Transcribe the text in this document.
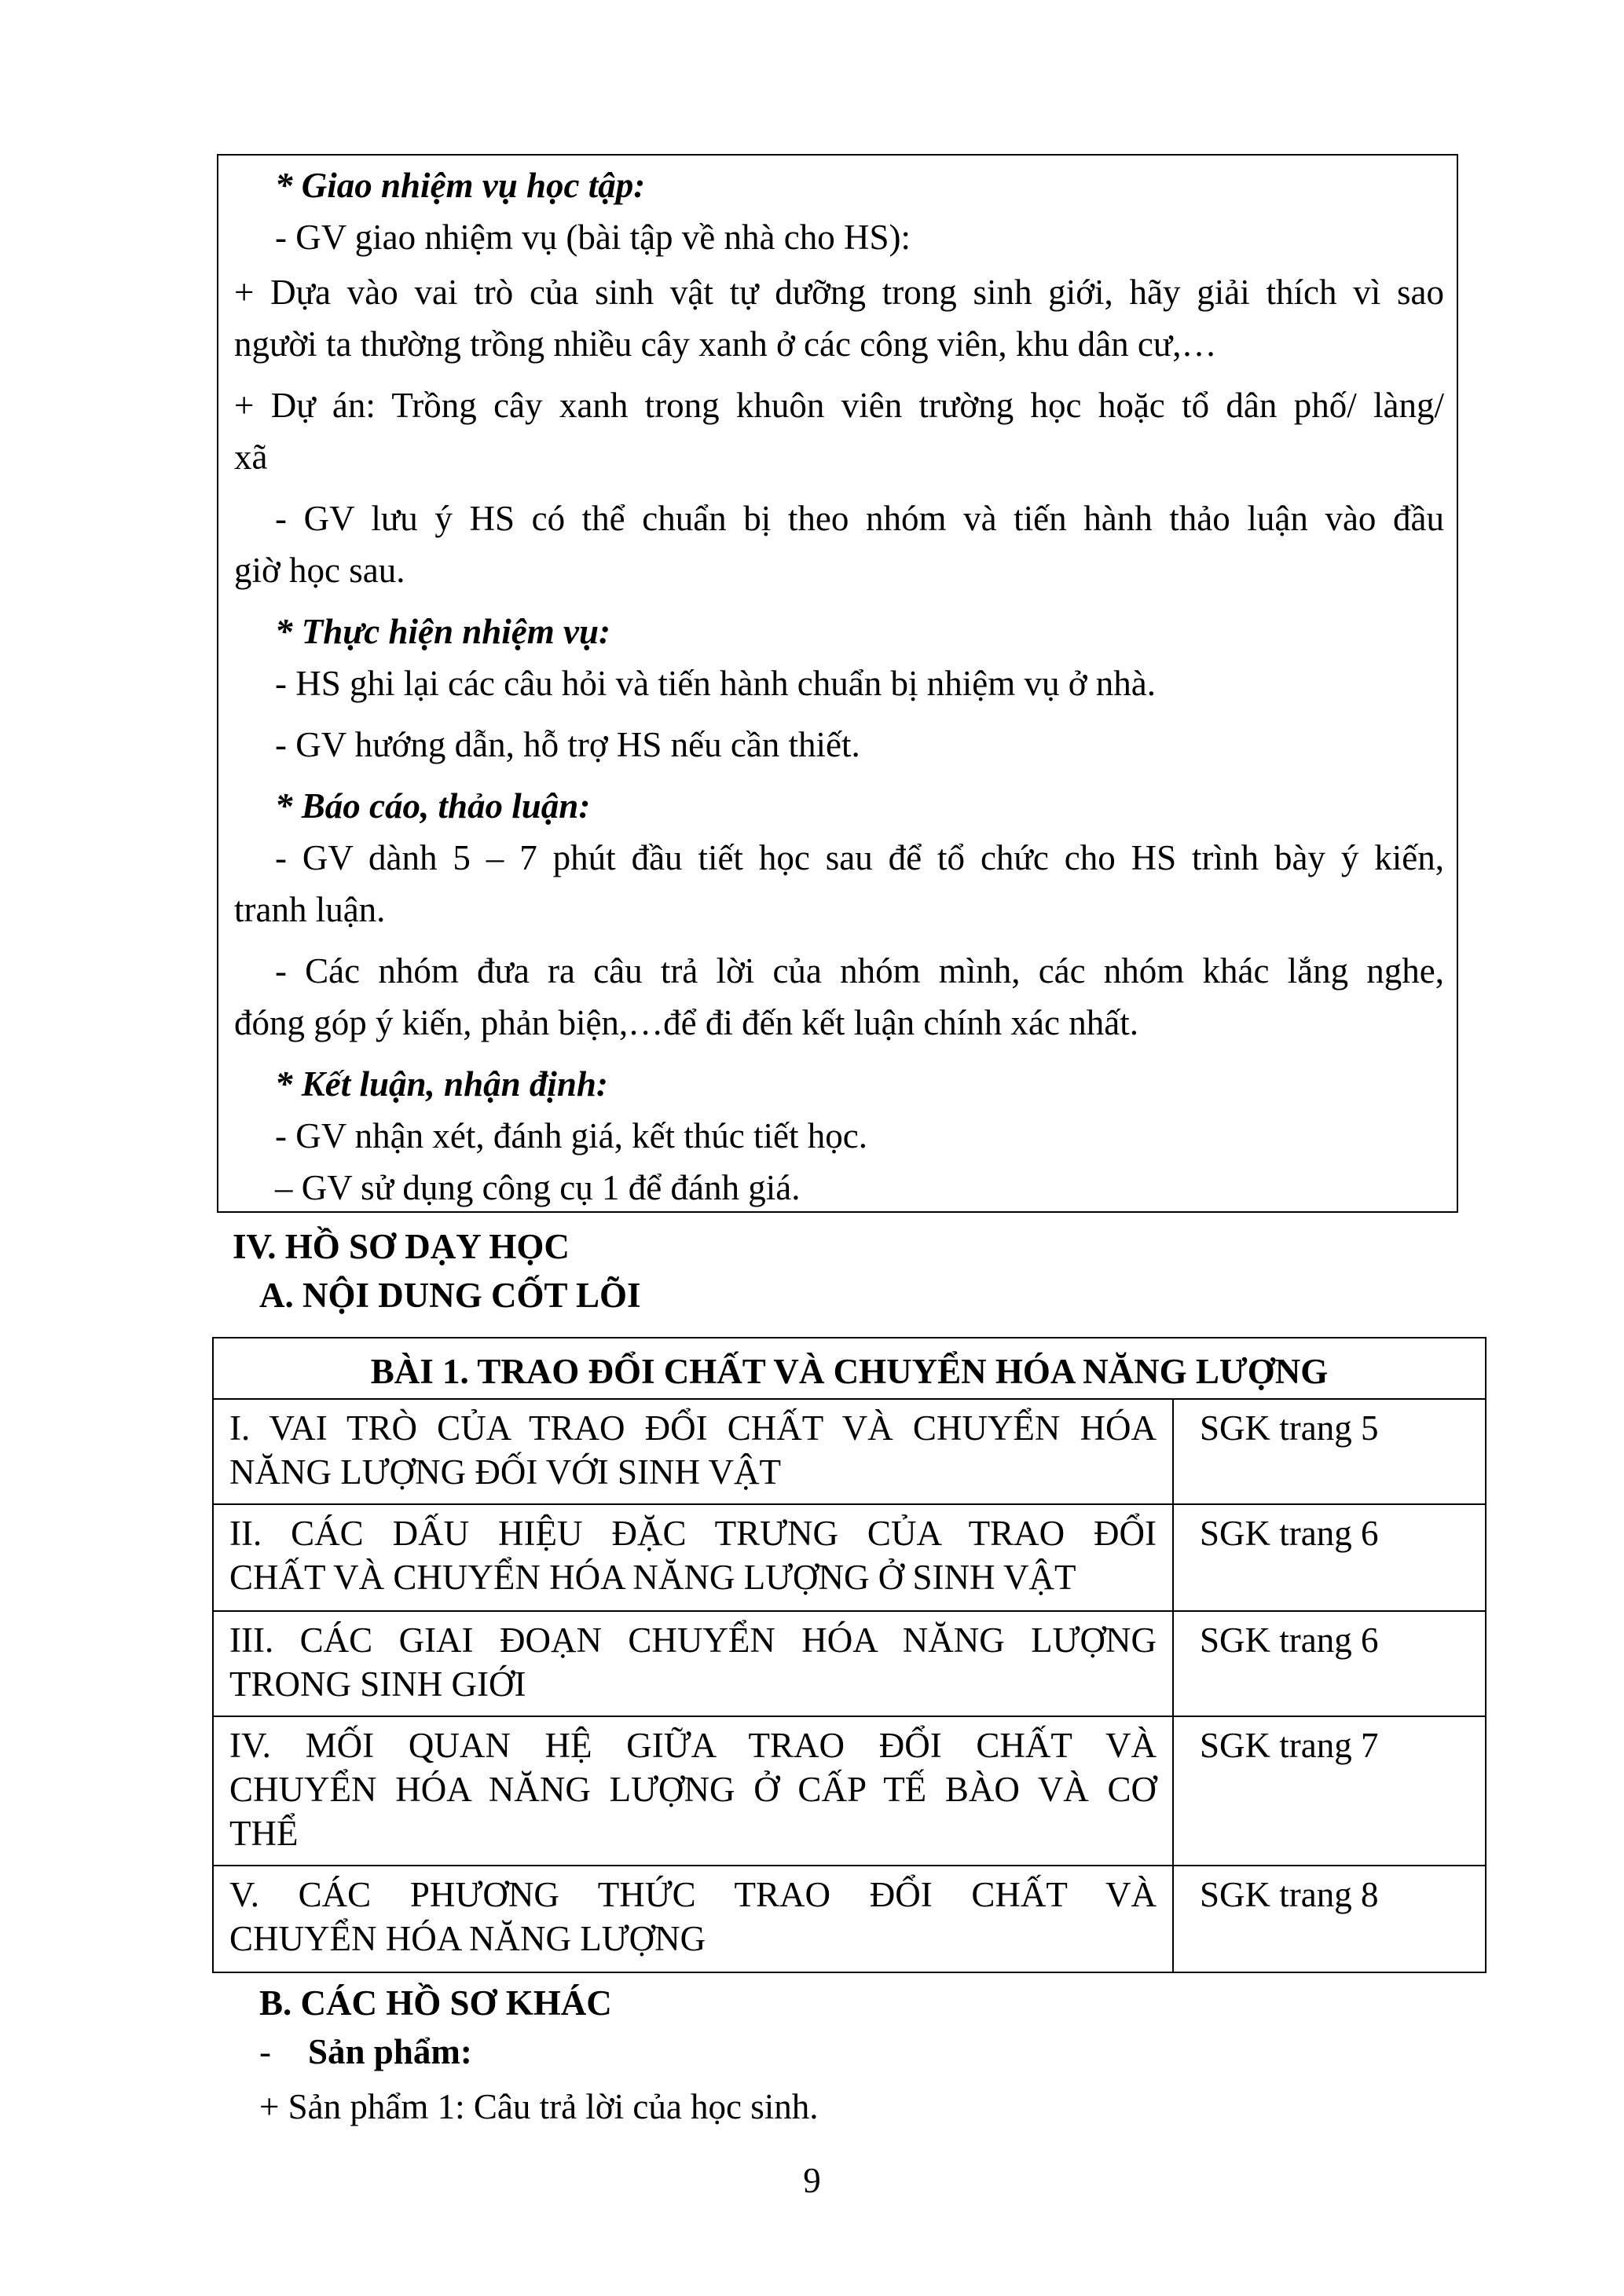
* Giao nhiệm vụ học tập:
- GV giao nhiệm vụ (bài tập về nhà cho HS):
+ Dựa vào vai trò của sinh vật tự dưỡng trong sinh giới, hãy giải thích vì sao
người ta thường trồng nhiều cây xanh ở các công viên, khu dân cư,…
+ Dự án: Trồng cây xanh trong khuôn viên trường học hoặc tổ dân phố/ làng/
xã
- GV lưu ý HS có thể chuẩn bị theo nhóm và tiến hành thảo luận vào đầu
giờ học sau.
* Thực hiện nhiệm vụ:
- HS ghi lại các câu hỏi và tiến hành chuẩn bị nhiệm vụ ở nhà.
- GV hướng dẫn, hỗ trợ HS nếu cần thiết.
* Báo cáo, thảo luận:
- GV dành 5 – 7 phút đầu tiết học sau để tổ chức cho HS trình bày ý kiến,
tranh luận.
- Các nhóm đưa ra câu trả lời của nhóm mình, các nhóm khác lắng nghe,
đóng góp ý kiến, phản biện,…để đi đến kết luận chính xác nhất.
* Kết luận, nhận định:
- GV nhận xét, đánh giá, kết thúc tiết học.
– GV sử dụng công cụ 1 để đánh giá.
IV. HỒ SƠ DẠY HỌC
A. NỘI DUNG CỐT LÕI
BÀI 1. TRAO ĐỔI CHẤT VÀ CHUYỂN HÓA NĂNG LƯỢNG
I. VAI TRÒ CỦA TRAO ĐỔI CHẤT VÀ CHUYỂN HÓA
NĂNG LƯỢNG ĐỐI VỚI SINH VẬT
SGK trang 5
II. CÁC DẤU HIỆU ĐẶC TRƯNG CỦA TRAO ĐỔI
CHẤT VÀ CHUYỂN HÓA NĂNG LƯỢNG Ở SINH VẬT
SGK trang 6
III. CÁC GIAI ĐOẠN CHUYỂN HÓA NĂNG LƯỢNG
TRONG SINH GIỚI
SGK trang 6
IV. MỐI QUAN HỆ GIỮA TRAO ĐỔI CHẤT VÀ
CHUYỂN HÓA NĂNG LƯỢNG Ở CẤP TẾ BÀO VÀ CƠ
THỂ
SGK trang 7
V. CÁC PHƯƠNG THỨC TRAO ĐỔI CHẤT VÀ
CHUYỂN HÓA NĂNG LƯỢNG
SGK trang 8
B. CÁC HỒ SƠ KHÁC
- Sản phẩm:
+ Sản phẩm 1: Câu trả lời của học sinh.
9
